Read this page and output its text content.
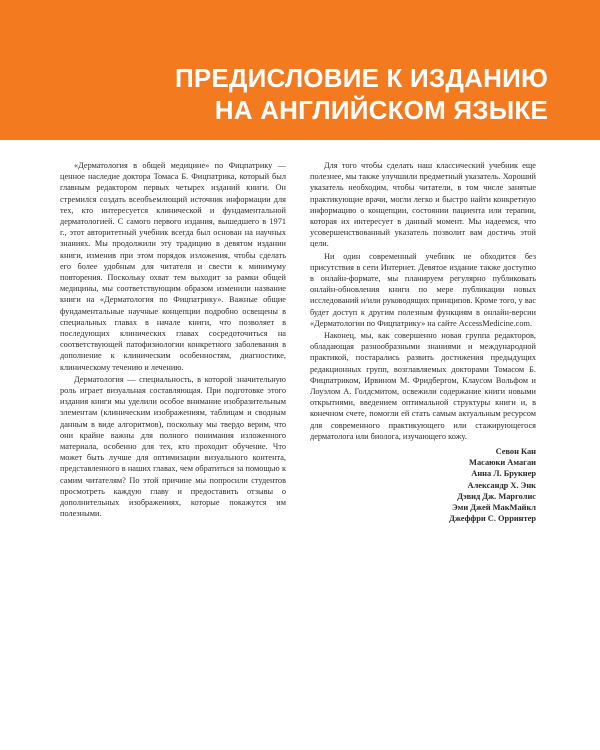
ПРЕДИСЛОВИЕ К ИЗДАНИЮ
НА АНГЛИЙСКОМ ЯЗЫКЕ

«Дерматология в общей медицине» по Фицпатрику — ценное наследие доктора Томаса Б. Фицпатрика, который был главным редактором первых четырех изданий книги. Он стремился создать всеобъемлющий источник информации для тех, кто интересуется клинической и фундаментальной дерматологией. С самого первого издания, вышедшего в 1971 г., этот авторитетный учебник всегда был основан на научных знаниях. Мы продолжили эту традицию в девятом издании книги, изменив при этом порядок изложения, чтобы сделать его более удобным для читателя и свести к минимуму повторения. Поскольку охват тем выходит за рамки общей медицины, мы соответствующим образом изменили название книги на «Дерматология по Фицпатрику». Важные общие фундаментальные научные концепции подробно освещены в специальных главах в начале книги, что позволяет в последующих клинических главах сосредоточиться на соответствующей патофизиологии конкретного заболевания в дополнение к клиническим особенностям, диагностике, клиническому течению и лечению.

Дерматология — специальность, в которой значительную роль играет визуальная составляющая. При подготовке этого издания книги мы уделили особое внимание изобразительным элементам (клиническим изображениям, таблицам и сводным данным в виде алгоритмов), поскольку мы твердо верим, что они крайне важны для полного понимания изложенного материала, особенно для тех, кто проходит обучение. Что может быть лучше для оптимизации визуального контента, представленного в наших главах, чем обратиться за помощью к самим читателям? По этой причине мы попросили студентов просмотреть каждую главу и предоставить отзывы о дополнительных изображениях, которые покажутся им полезными.

Для того чтобы сделать наш классический учебник еще полезнее, мы также улучшили предметный указатель. Хороший указатель необходим, чтобы читатели, в том числе занятые практикующие врачи, могли легко и быстро найти конкретную информацию о концепции, состоянии пациента или терапии, которая их интересует в данный момент. Мы надеемся, что усовершенствованный указатель позволит вам достичь этой цели.

Ни один современный учебник не обходится без присутствия в сети Интернет. Девятое издание также доступно в онлайн-формате, мы планируем регулярно публиковать онлайн-обновления книги по мере публикации новых исследований и/или руководящих принципов. Кроме того, у вас будет доступ к другим полезным функциям в онлайн-версии «Дерматологии по Фицпатрику» на сайте AccessMedicine.com.

Наконец, мы, как совершенно новая группа редакторов, обладающая разнообразными знаниями и международной практикой, постарались развить достижения предыдущих редакционных групп, возглавляемых докторами Томасом Б. Фицпатриком, Ирвином М. Фридбергом, Клаусом Вольфом и Лоуэлом А. Голдсмитом, освежили содержание книги новыми открытиями, введением оптимальной структуры книги и, в конечном счете, помогли ей стать самым актуальным ресурсом для современного практикующего или стажирующегося дерматолога или биолога, изучающего кожу.

Севон Кан

Масаюки Амагаи

Анна Л. Брукнер

Александр Х. Энк

Дэвид Дж. Марголис

Эми Джей МакМайкл

Джеффри С. Орринтер
